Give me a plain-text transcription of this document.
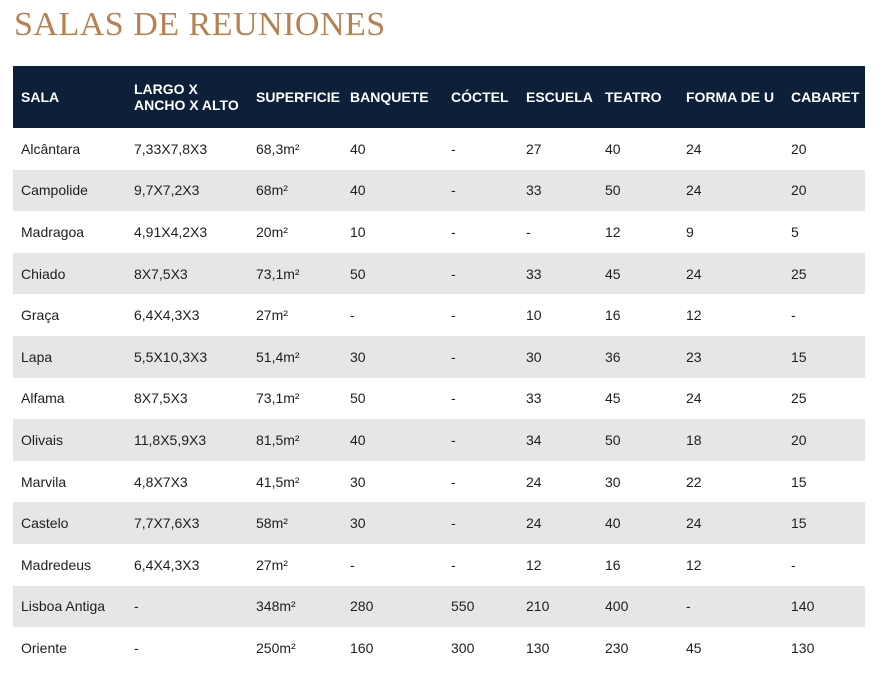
SALAS DE REUNIONES
SALA	LARGO X
ANCHO X ALTO	SUPERFICIE	BANQUETE	CÓCTEL	ESCUELA	TEATRO	FORMA DE U	CABARET
Alcântara	7,33X7,8X3	68,3m²	40	-	27	40	24	20
Campolide	9,7X7,2X3	68m²	40	-	33	50	24	20
Madragoa	4,91X4,2X3	20m²	10	-	-	12	9	5
Chiado	8X7,5X3	73,1m²	50	-	33	45	24	25
Graça	6,4X4,3X3	27m²	-	-	10	16	12	-
Lapa	5,5X10,3X3	51,4m²	30	-	30	36	23	15
Alfama	8X7,5X3	73,1m²	50	-	33	45	24	25
Olivais	11,8X5,9X3	81,5m²	40	-	34	50	18	20
Marvila	4,8X7X3	41,5m²	30	-	24	30	22	15
Castelo	7,7X7,6X3	58m²	30	-	24	40	24	15
Madredeus	6,4X4,3X3	27m²	-	-	12	16	12	-
Lisboa Antiga	-	348m²	280	550	210	400	-	140
Oriente	-	250m²	160	300	130	230	45	130
